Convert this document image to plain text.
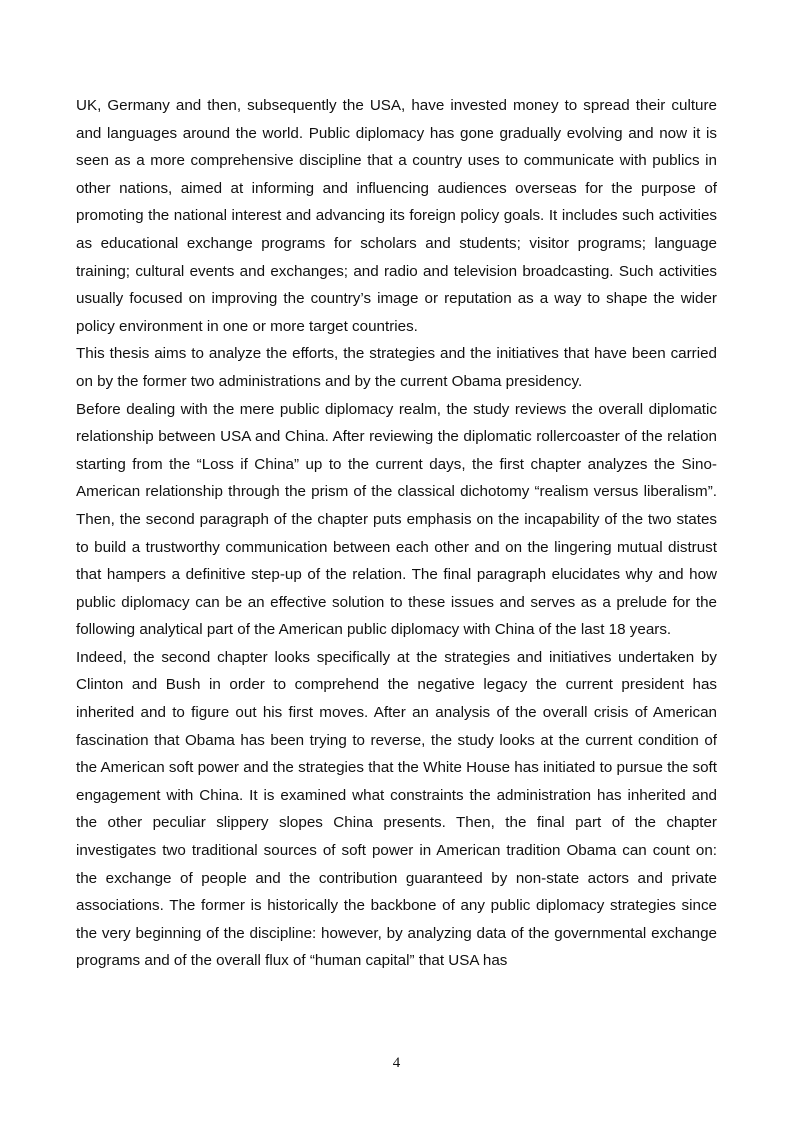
UK, Germany and then, subsequently the USA, have invested money to spread their culture and languages around the world. Public diplomacy has gone gradually evolving and now it is seen as a more comprehensive discipline that a country uses to communicate with publics in other nations, aimed at informing and influencing audiences overseas for the purpose of promoting the national interest and advancing its foreign policy goals. It includes such activities as educational exchange programs for scholars and students; visitor programs; language training; cultural events and exchanges; and radio and television broadcasting. Such activities usually focused on improving the country’s image or reputation as a way to shape the wider policy environment in one or more target countries.

This thesis aims to analyze the efforts, the strategies and the initiatives that have been carried on by the former two administrations and by the current Obama presidency.

Before dealing with the mere public diplomacy realm, the study reviews the overall diplomatic relationship between USA and China. After reviewing the diplomatic rollercoaster of the relation starting from the “Loss if China” up to the current days, the first chapter analyzes the Sino-American relationship through the prism of the classical dichotomy “realism versus liberalism”. Then, the second paragraph of the chapter puts emphasis on the incapability of the two states to build a trustworthy communication between each other and on the lingering mutual distrust that hampers a definitive step-up of the relation. The final paragraph elucidates why and how public diplomacy can be an effective solution to these issues and serves as a prelude for the following analytical part of the American public diplomacy with China of the last 18 years.

Indeed, the second chapter looks specifically at the strategies and initiatives undertaken by Clinton and Bush in order to comprehend the negative legacy the current president has inherited and to figure out his first moves. After an analysis of the overall crisis of American fascination that Obama has been trying to reverse, the study looks at the current condition of the American soft power and the strategies that the White House has initiated to pursue the soft engagement with China. It is examined what constraints the administration has inherited and the other peculiar slippery slopes China presents. Then, the final part of the chapter investigates two traditional sources of soft power in American tradition Obama can count on: the exchange of people and the contribution guaranteed by non-state actors and private associations. The former is historically the backbone of any public diplomacy strategies since the very beginning of the discipline: however, by analyzing data of the governmental exchange programs and of the overall flux of “human capital” that USA has

4
